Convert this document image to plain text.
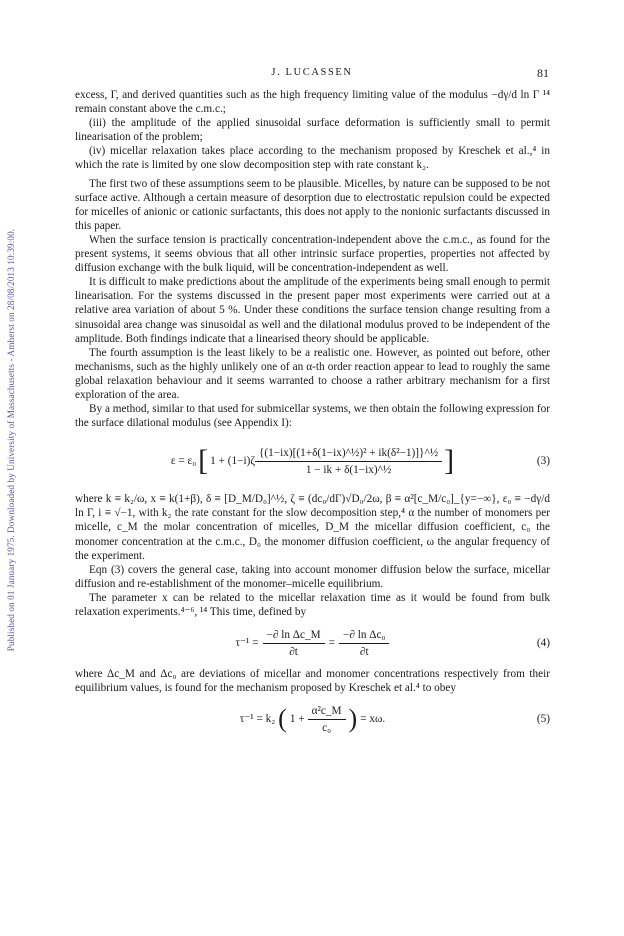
Published on 01 January 1975. Downloaded by University of Massachusetts - Amherst on 28/08/2013 10:39:00.
J. LUCASSEN	81

excess, Γ, and derived quantities such as the high frequency limiting value of the modulus −dγ/d ln Γ ¹⁴ remain constant above the c.m.c.;

(iii) the amplitude of the applied sinusoidal surface deformation is sufficiently small to permit linearisation of the problem;

(iv) micellar relaxation takes place according to the mechanism proposed by Kreschek et al.,⁴ in which the rate is limited by one slow decomposition step with rate constant k₂.

The first two of these assumptions seem to be plausible. Micelles, by nature can be supposed to be not surface active. Although a certain measure of desorption due to electrostatic repulsion could be expected for micelles of anionic or cationic surfactants, this does not apply to the nonionic surfactants discussed in this paper.

When the surface tension is practically concentration-independent above the c.m.c., as found for the present systems, it seems obvious that all other intrinsic surface properties, properties not affected by diffusion exchange with the bulk liquid, will be concentration-independent as well.

It is difficult to make predictions about the amplitude of the experiments being small enough to permit linearisation. For the systems discussed in the present paper most experiments were carried out at a relative area variation of about 5 %. Under these conditions the surface tension change resulting from a sinusoidal area change was sinusoidal as well and the dilational modulus proved to be independent of the amplitude. Both findings indicate that a linearised theory should be applicable.

The fourth assumption is the least likely to be a realistic one. However, as pointed out before, other mechanisms, such as the highly unlikely one of an α-th order reaction appear to lead to roughly the same global relaxation behaviour and it seems warranted to choose a rather arbitrary mechanism for a first exploration of the area.

By a method, similar to that used for submicellar systems, we then obtain the following expression for the surface dilational modulus (see Appendix I):

ε = ε₀ [ $1 + (1-i)\zeta \frac{\text{\{(1−ix)[(1+δ(1−ix)\textasciicircum{}½)² + ik(δ²−1)]\}\textasciicircum{}½}}{\text{1 − ik + δ(1−ix)\textasciicircum{}½}}$ ]	(3)

where k ≡ k₂/ω, x ≡ k(1+β), δ ≡ [D_M/D₀]^½, ζ ≡ (dc₀/dΓ)√D₀/2ω, β ≡ α²[c_M/c₀]_{y=−∞}, ε₀ ≡ −dγ/d ln Γ, i ≡ √−1, with k₂ the rate constant for the slow decomposition step,⁴ α the number of monomers per micelle, c_M the molar concentration of micelles, D_M the micellar diffusion coefficient, c₀ the monomer concentration at the c.m.c., D₀ the monomer diffusion coefficient, ω the angular frequency of the experiment.

Eqn (3) covers the general case, taking into account monomer diffusion below the surface, micellar diffusion and re-establishment of the monomer–micelle equilibrium.

The parameter x can be related to the micellar relaxation time as it would be found from bulk relaxation experiments.⁴⁻⁶, ¹⁴ This time, defined by

$\tau^{-1} = \frac{\text{−∂ ln Δc\_M}}{\partial t} = \frac{\text{−∂ ln Δc₀}}{\partial t}$	(4)

where Δc_M and Δc₀ are deviations of micellar and monomer concentrations respectively from their equilibrium values, is found for the mechanism proposed by Kreschek et al.⁴ to obey

τ⁻¹ = k₂ ( $1 + \frac{\text{α²c\_M}}{\text{c₀}}$ ) = xω.	(5)
